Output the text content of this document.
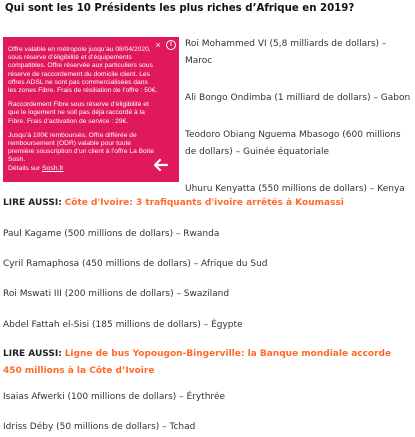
Qui sont les 10 Présidents les plus riches d’Afrique en 2019?
×	i

Offre valable en métropole jusqu’au 08/04/2020, sous réserve d’éligibilité et d’équipements compatibles. Offre réservée aux particuliers sous réserve de raccordement du domicile client. Les offres ADSL ne sont pas commercialisées dans les zones Fibre. Frais de résiliation de l’offre : 50€.

Raccordement Fibre sous réserve d’éligibilité et que le logement ne soit pas déjà raccordé à la Fibre. Frais d’activation de service : 29€.

Jusqu’à 100€ remboursés. Offre différée de remboursement (ODR) valable pour toute première souscription d’un client à l’offre La Boite Sosh.

Détails sur Sosh.fr

Roi Mohammed VI (5,8 milliards de dollars) – Maroc

Ali Bongo Ondimba (1 milliard de dollars) – Gabon

Teodoro Obiang Nguema Mbasogo (600 millions de dollars) – Guinée équatoriale

Uhuru Kenyatta (550 millions de dollars) – Kenya

LIRE AUSSI: Côte d'Ivoire: 3 trafiquants d'ivoire arrêtés à Koumassi
Paul Kagame (500 millions de dollars) – Rwanda
Cyril Ramaphosa (450 millions de dollars) – Afrique du Sud
Roi Mswati III (200 millions de dollars) – Swaziland
Abdel Fattah el-Sisi (185 millions de dollars) – Égypte
LIRE AUSSI: Ligne de bus Yopougon-Bingerville: la Banque mondiale accorde 450 millions à la Côte d’Ivoire
Isaias Afwerki (100 millions de dollars) – Érythrée
Idriss Déby (50 millions de dollars) – Tchad
